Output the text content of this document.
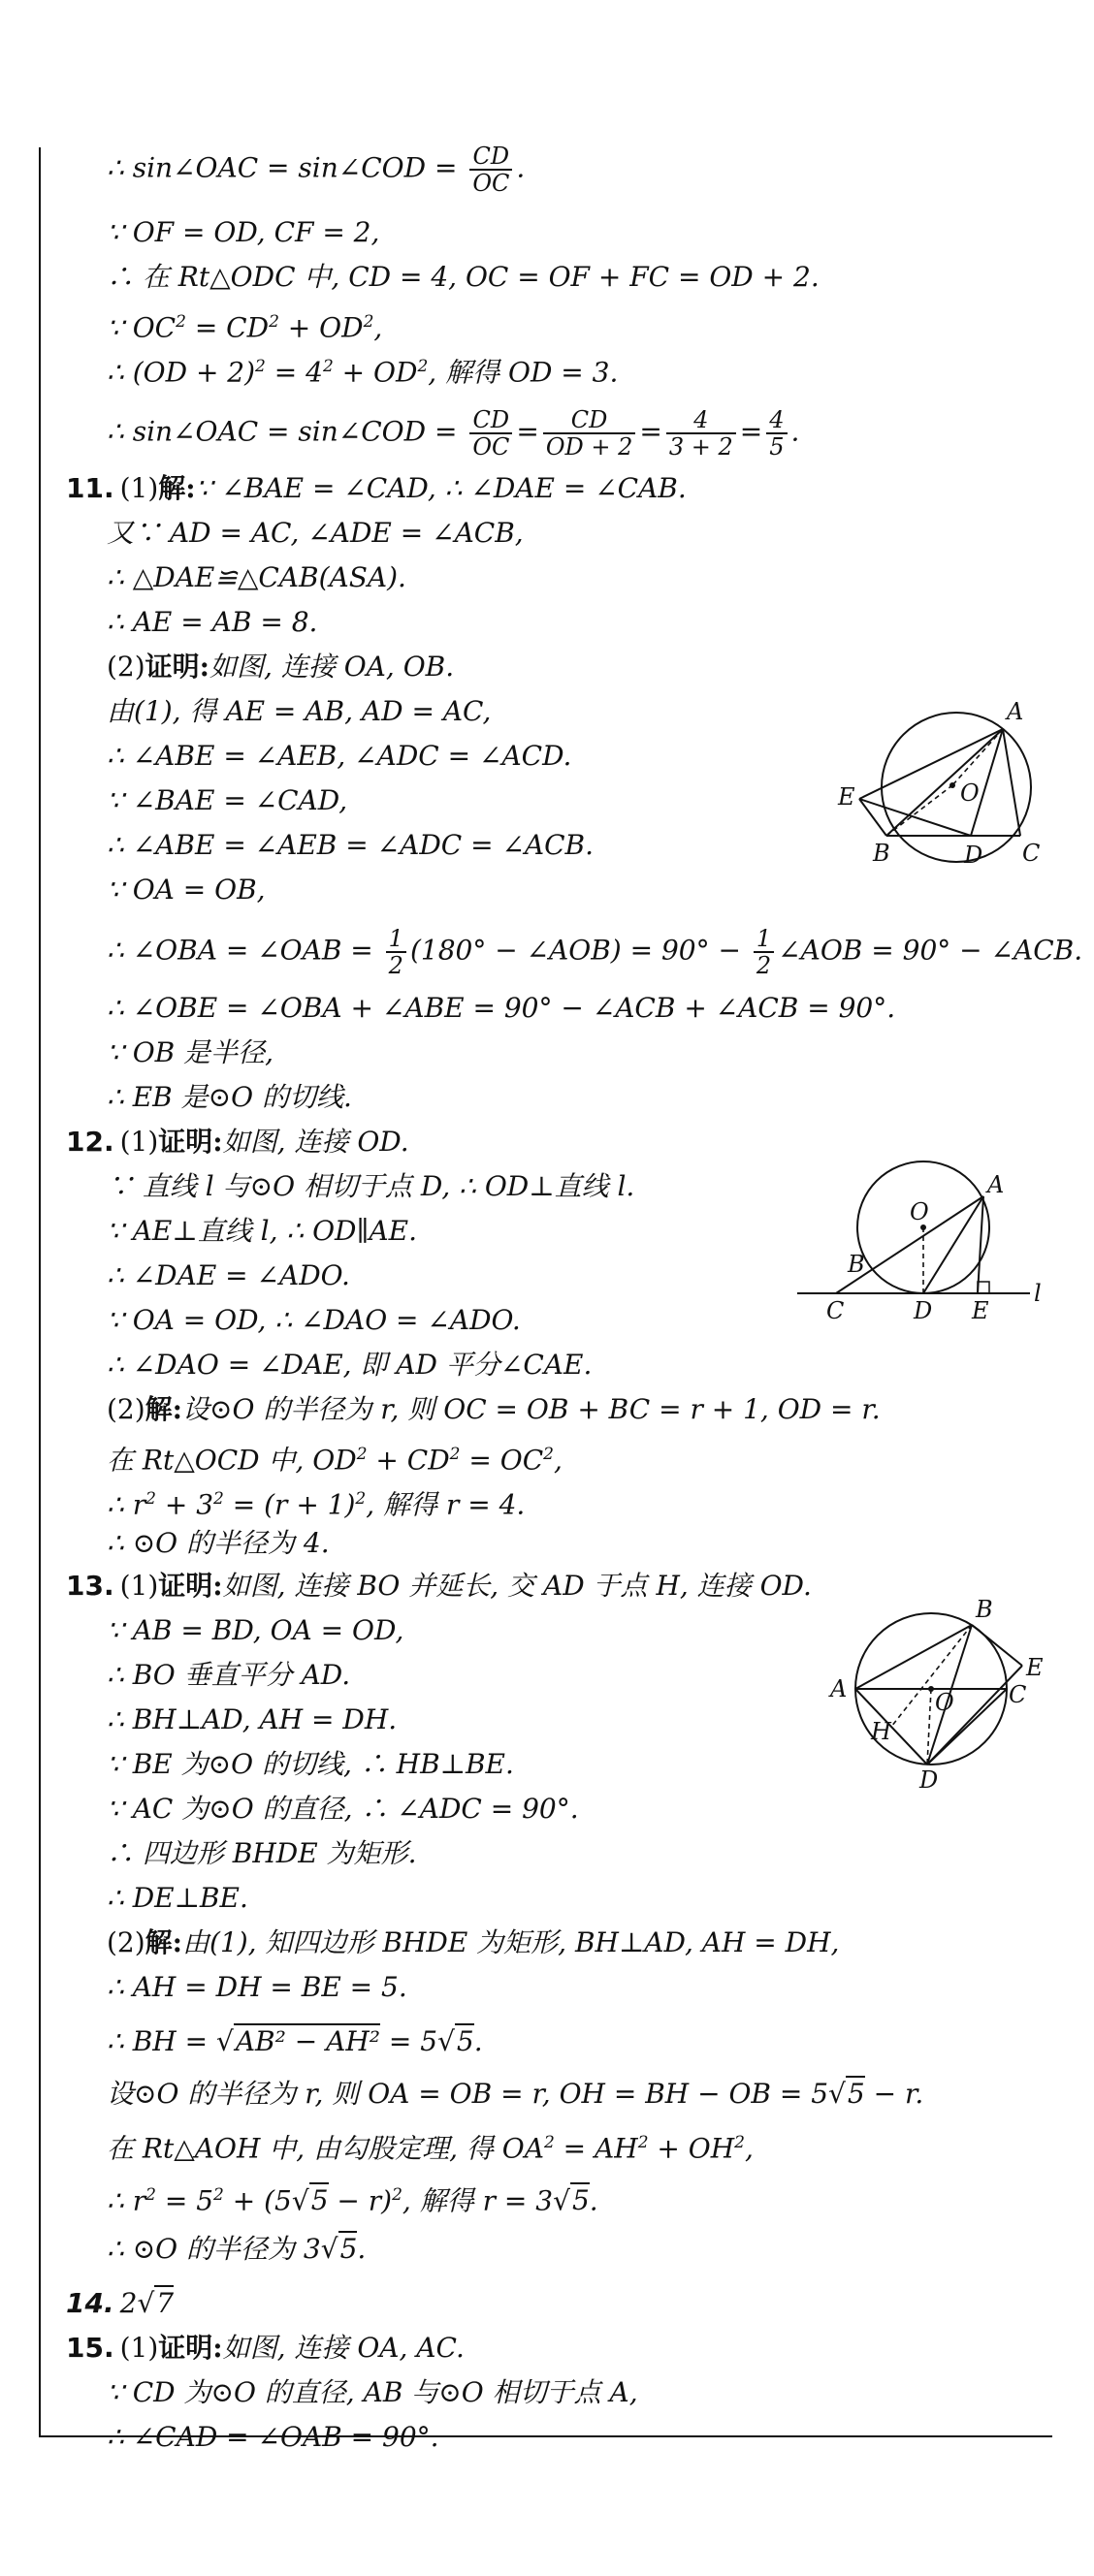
∴ sin∠OAC = sin∠COD = $\frac{CD}{OC}$ .
∵ OF = OD, CF = 2,
∴ 在 Rt△ODC 中, CD = 4, OC = OF + FC = OD + 2.
∵ $OC^2 = CD^2 + OD^2$,
∴ $(OD + 2)^2 = 4^2 + OD^2$, 解得 OD = 3.
∴ sin∠OAC = sin∠COD = $\frac{CD}{OC} = \frac{CD}{OD + 2} = \frac{4}{3 + 2} = \frac{4}{5}$ .
11. (1)解:∵ ∠BAE = ∠CAD, ∴ ∠DAE = ∠CAB.
又∵ AD = AC, ∠ADE = ∠ACB,
∴ △DAE≌△CAB(ASA).
∴ AE = AB = 8.
(2)证明:如图, 连接 OA, OB.
由(1), 得 AE = AB, AD = AC,
∴ ∠ABE = ∠AEB, ∠ADC = ∠ACD.
∵ ∠BAE = ∠CAD,
∴ ∠ABE = ∠AEB = ∠ADC = ∠ACB.
∵ OA = OB,
∴ ∠OBA = ∠OAB = $\frac{1}{2} (180^\circ$ − ∠AOB) = $90^\circ - \frac{1}{2}$ ∠AOB = 90° − ∠ACB.
∴ ∠OBE = ∠OBA + ∠ABE = 90° − ∠ACB + ∠ACB = 90°.
∵ OB 是半径,
∴ EB 是⊙O 的切线.
A
E	O
B	D C
12. (1)证明:如图, 连接 OD.
∵ 直线 l 与⊙O 相切于点 D, ∴ OD⊥直线 l.
∵ AE⊥直线 l, ∴ OD∥AE.
∴ ∠DAE = ∠ADO.
∵ OA = OD, ∴ ∠DAO = ∠ADO.
∴ ∠DAO = ∠DAE, 即 AD 平分∠CAE.
(2)解:设⊙O 的半径为 r, 则 OC = OB + BC = r + 1, OD = r.
在 Rt△OCD 中, $OD^2 + CD^2 = OC^2$,
∴ $r^2 + 3^2 = (r + 1)^2$, 解得 r = 4.
∴ ⊙O 的半径为 4.
A
O
B
C	D E
l
13. (1)证明:如图, 连接 BO 并延长, 交 AD 于点 H, 连接 OD.
∵ AB = BD, OA = OD,
∴ BO 垂直平分 AD.
∴ BH⊥AD, AH = DH.
∵ BE 为⊙O 的切线, ∴ HB⊥BE.
∵ AC 为⊙O 的直径, ∴ ∠ADC = 90°.
∴ 四边形 BHDE 为矩形.
∴ DE⊥BE.
(2)解:由(1), 知四边形 BHDE 为矩形, BH⊥AD, AH = DH,
∴ AH = DH = BE = 5.
∴ BH = √AB² − AH² = 5√5.
设⊙O 的半径为 r, 则 OA = OB = r, OH = BH − OB = 5√5 − r.
在 Rt△AOH 中, 由勾股定理, 得 $OA^2 = AH^2 + OH^2$,
∴ $r^2 = 5^2 + (5√5 - r)^2$, 解得 r = 3√5.
∴ ⊙O 的半径为 3√5.
B
A	O
E
C
H
D
14. 2√7
15. (1)证明:如图, 连接 OA, AC.
∵ CD 为⊙O 的直径, AB 与⊙O 相切于点 A,
∴ ∠CAD = ∠OAB = 90°.
